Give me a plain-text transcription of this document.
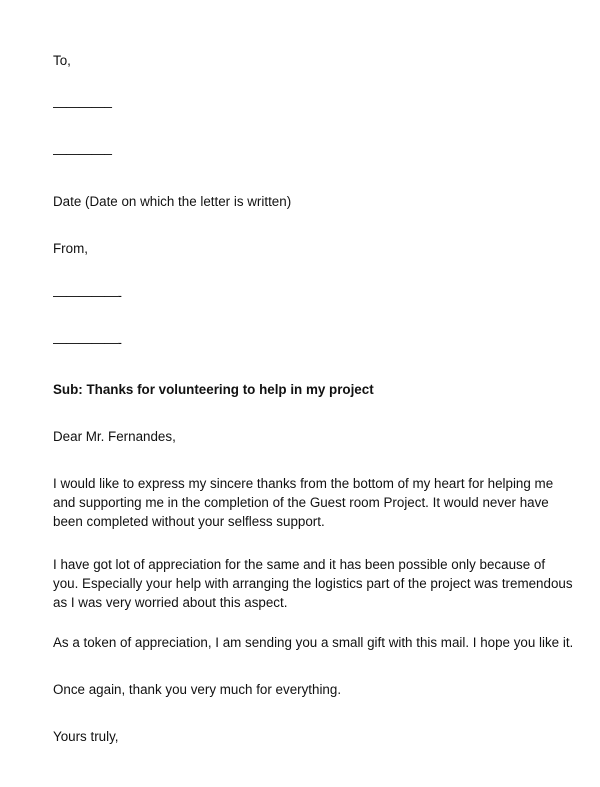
To,

————–

————–

Date (Date on which the letter is written)

From,

—————-

—————-

Sub: Thanks for volunteering to help in my project

Dear Mr. Fernandes,

I would like to express my sincere thanks from the bottom of my heart for helping me and supporting me in the completion of the Guest room Project. It would never have been completed without your selfless support.

I have got lot of appreciation for the same and it has been possible only because of you. Especially your help with arranging the logistics part of the project was tremendous as I was very worried about this aspect.

As a token of appreciation, I am sending you a small gift with this mail. I hope you like it.

Once again, thank you very much for everything.

Yours truly,
